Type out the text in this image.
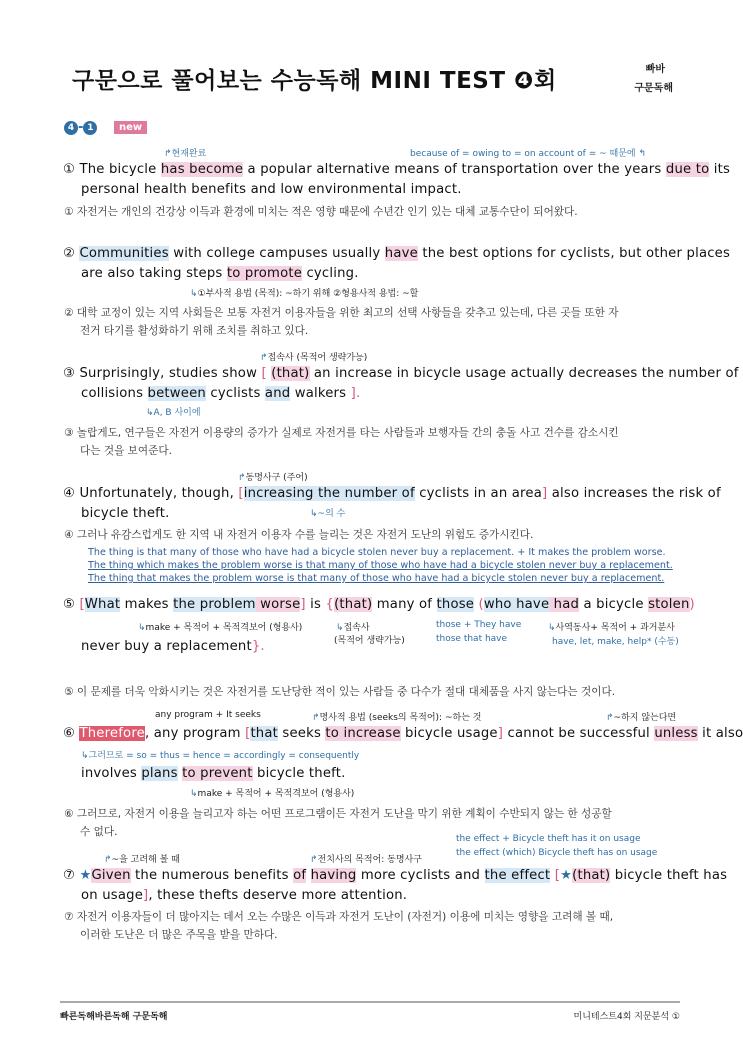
구문으로 풀어보는 수능독해 MINI TEST ❹회	빠바
구문독해
4 - 1	new
↱현재완료	because of = owing to = on account of = ~ 때문에 ↰
① The bicycle has become a popular alternative means of transportation over the years due to its
personal health benefits and low environmental impact.
① 자전거는 개인의 건강상 이득과 환경에 미치는 적은 영향 때문에 수년간 인기 있는 대체 교통수단이 되어왔다.
② Communities with college campuses usually have the best options for cyclists, but other places
are also taking steps to promote cycling.
↳①부사적 용법 (목적): ~하기 위해 ②형용사적 용법: ~할
② 대학 교정이 있는 지역 사회들은 보통 자전거 이용자들을 위한 최고의 선택 사항들을 갖추고 있는데, 다른 곳들 또한 자
전거 타기를 활성화하기 위해 조치를 취하고 있다.
↱접속사 (목적어 생략가능)
③ Surprisingly, studies show [ (that) an increase in bicycle usage actually decreases the number of
collisions between cyclists and walkers ].
↳A, B 사이에
③ 놀랍게도, 연구들은 자전거 이용량의 증가가 실제로 자전거를 타는 사람들과 보행자들 간의 충돌 사고 건수를 감소시킨
다는 것을 보여준다.
↱동명사구 (주어)
④ Unfortunately, though, [increasing the number of cyclists in an area] also increases the risk of
bicycle theft.	↳~의 수
④ 그러나 유감스럽게도 한 지역 내 자전거 이용자 수를 늘리는 것은 자전거 도난의 위험도 증가시킨다.
The thing is that many of those who have had a bicycle stolen never buy a replacement. + It makes the problem worse.
The thing which makes the problem worse is that many of those who have had a bicycle stolen never buy a replacement.
The thing that makes the problem worse is that many of those who have had a bicycle stolen never buy a replacement.
⑤ [What makes the problem worse] is {(that) many of those (who have had a bicycle stolen)
↳make + 목적어 + 목적격보어 (형용사)	↳접속사
(목적어 생략가능)
those + They have
those that have
↳사역동사+ 목적어 + 과거분사
have, let, make, help* (수동)
never buy a replacement}.
⑤ 이 문제를 더욱 악화시키는 것은 자전거를 도난당한 적이 있는 사람들 중 다수가 절대 대체품을 사지 않는다는 것이다.
any program + It seeks	↱명사적 용법 (seeks의 목적어): ~하는 것	↱~하지 않는다면
⑥ Therefore, any program [that seeks to increase bicycle usage] cannot be successful unless it also
↳그러므로 = so = thus = hence = accordingly = consequently
involves plans to prevent bicycle theft.
↳make + 목적어 + 목적격보어 (형용사)
⑥ 그러므로, 자전거 이용을 늘리고자 하는 어떤 프로그램이든 자전거 도난을 막기 위한 계획이 수반되지 않는 한 성공할
수 없다.
the effect + Bicycle theft has it on usage
the effect (which) Bicycle theft has on usage
↱~을 고려해 볼 때	↱전치사의 목적어: 동명사구
⑦ ★Given the numerous benefits of having more cyclists and the effect [★(that) bicycle theft has
on usage], these thefts deserve more attention.
⑦ 자전거 이용자들이 더 많아지는 데서 오는 수많은 이득과 자전거 도난이 (자전거) 이용에 미치는 영향을 고려해 볼 때,
이러한 도난은 더 많은 주목을 받을 만하다.
빠른독해바른독해 구문독해	미니테스트4회 지문분석 ①
